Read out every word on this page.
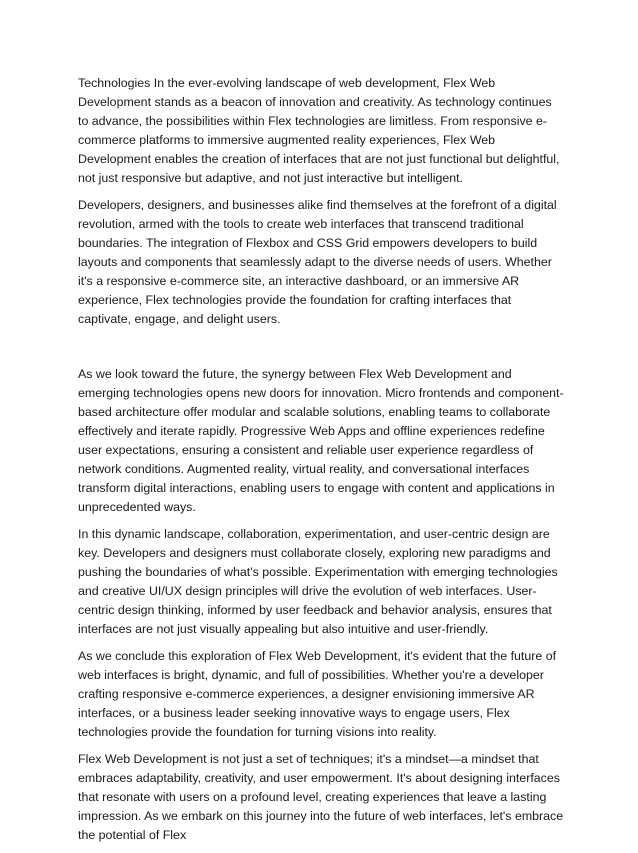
Technologies In the ever-evolving landscape of web development, Flex Web Development stands as a beacon of innovation and creativity. As technology continues to advance, the possibilities within Flex technologies are limitless. From responsive e-commerce platforms to immersive augmented reality experiences, Flex Web Development enables the creation of interfaces that are not just functional but delightful, not just responsive but adaptive, and not just interactive but intelligent.

Developers, designers, and businesses alike find themselves at the forefront of a digital revolution, armed with the tools to create web interfaces that transcend traditional boundaries. The integration of Flexbox and CSS Grid empowers developers to build layouts and components that seamlessly adapt to the diverse needs of users. Whether it's a responsive e-commerce site, an interactive dashboard, or an immersive AR experience, Flex technologies provide the foundation for crafting interfaces that captivate, engage, and delight users.

As we look toward the future, the synergy between Flex Web Development and emerging technologies opens new doors for innovation. Micro frontends and component-based architecture offer modular and scalable solutions, enabling teams to collaborate effectively and iterate rapidly. Progressive Web Apps and offline experiences redefine user expectations, ensuring a consistent and reliable user experience regardless of network conditions. Augmented reality, virtual reality, and conversational interfaces transform digital interactions, enabling users to engage with content and applications in unprecedented ways.

In this dynamic landscape, collaboration, experimentation, and user-centric design are key. Developers and designers must collaborate closely, exploring new paradigms and pushing the boundaries of what's possible. Experimentation with emerging technologies and creative UI/UX design principles will drive the evolution of web interfaces. User-centric design thinking, informed by user feedback and behavior analysis, ensures that interfaces are not just visually appealing but also intuitive and user-friendly.

As we conclude this exploration of Flex Web Development, it's evident that the future of web interfaces is bright, dynamic, and full of possibilities. Whether you're a developer crafting responsive e-commerce experiences, a designer envisioning immersive AR interfaces, or a business leader seeking innovative ways to engage users, Flex technologies provide the foundation for turning visions into reality.

Flex Web Development is not just a set of techniques; it's a mindset—a mindset that embraces adaptability, creativity, and user empowerment. It's about designing interfaces that resonate with users on a profound level, creating experiences that leave a lasting impression. As we embark on this journey into the future of web interfaces, let's embrace the potential of Flex
